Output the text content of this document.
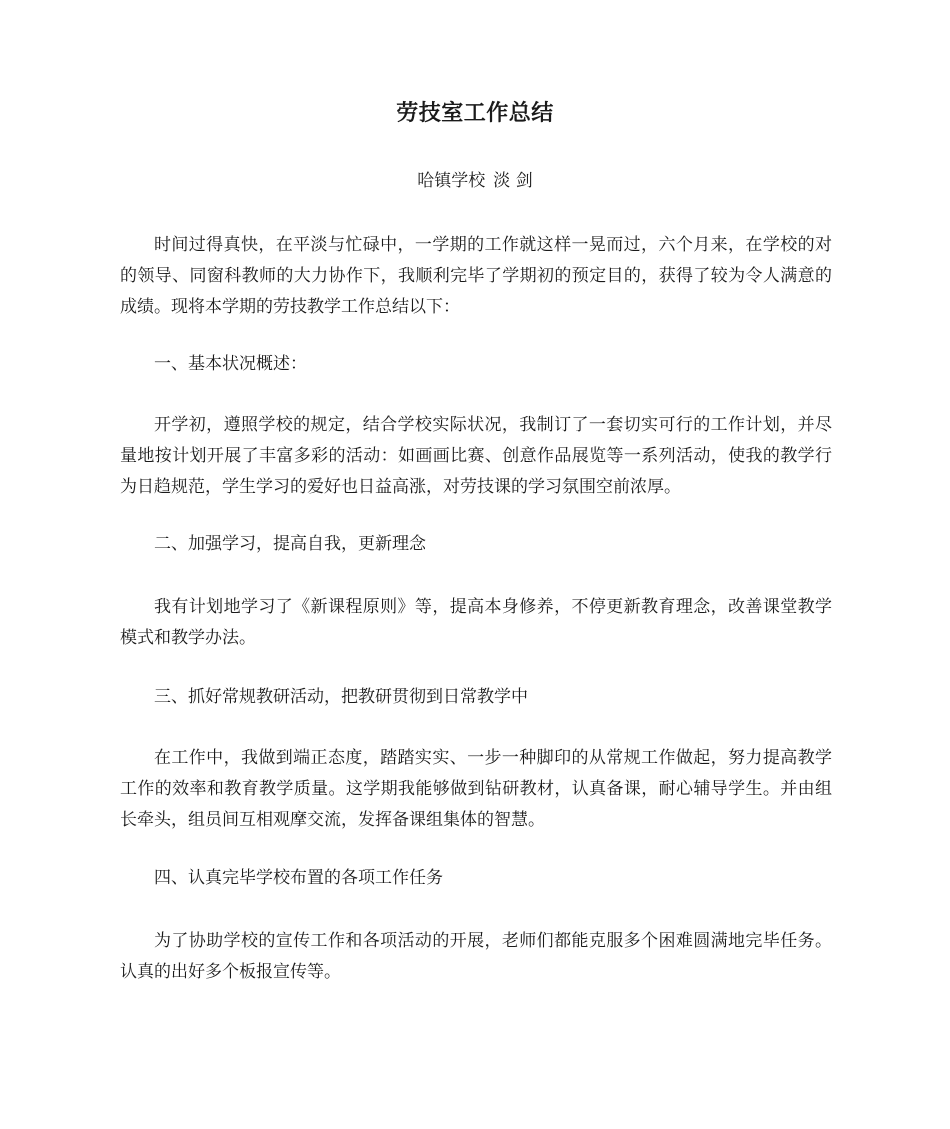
劳技室工作总结
哈镇学校 淡 剑

时间过得真快，在平淡与忙碌中，一学期的工作就这样一晃而过，六个月来，在学校的对的领导、同窗科教师的大力协作下，我顺利完毕了学期初的预定目的，获得了较为令人满意的成绩。现将本学期的劳技教学工作总结以下：

一、基本状况概述：

开学初，遵照学校的规定，结合学校实际状况，我制订了一套切实可行的工作计划，并尽量地按计划开展了丰富多彩的活动：如画画比赛、创意作品展览等一系列活动，使我的教学行为日趋规范，学生学习的爱好也日益高涨，对劳技课的学习氛围空前浓厚。

二、加强学习，提高自我，更新理念

我有计划地学习了《新课程原则》等，提高本身修养，不停更新教育理念，改善课堂教学模式和教学办法。

三、抓好常规教研活动，把教研贯彻到日常教学中

在工作中，我做到端正态度，踏踏实实、一步一种脚印的从常规工作做起，努力提高教学工作的效率和教育教学质量。这学期我能够做到钻研教材，认真备课，耐心辅导学生。并由组长牵头，组员间互相观摩交流，发挥备课组集体的智慧。

四、认真完毕学校布置的各项工作任务

为了协助学校的宣传工作和各项活动的开展，老师们都能克服多个困难圆满地完毕任务。认真的出好多个板报宣传等。
